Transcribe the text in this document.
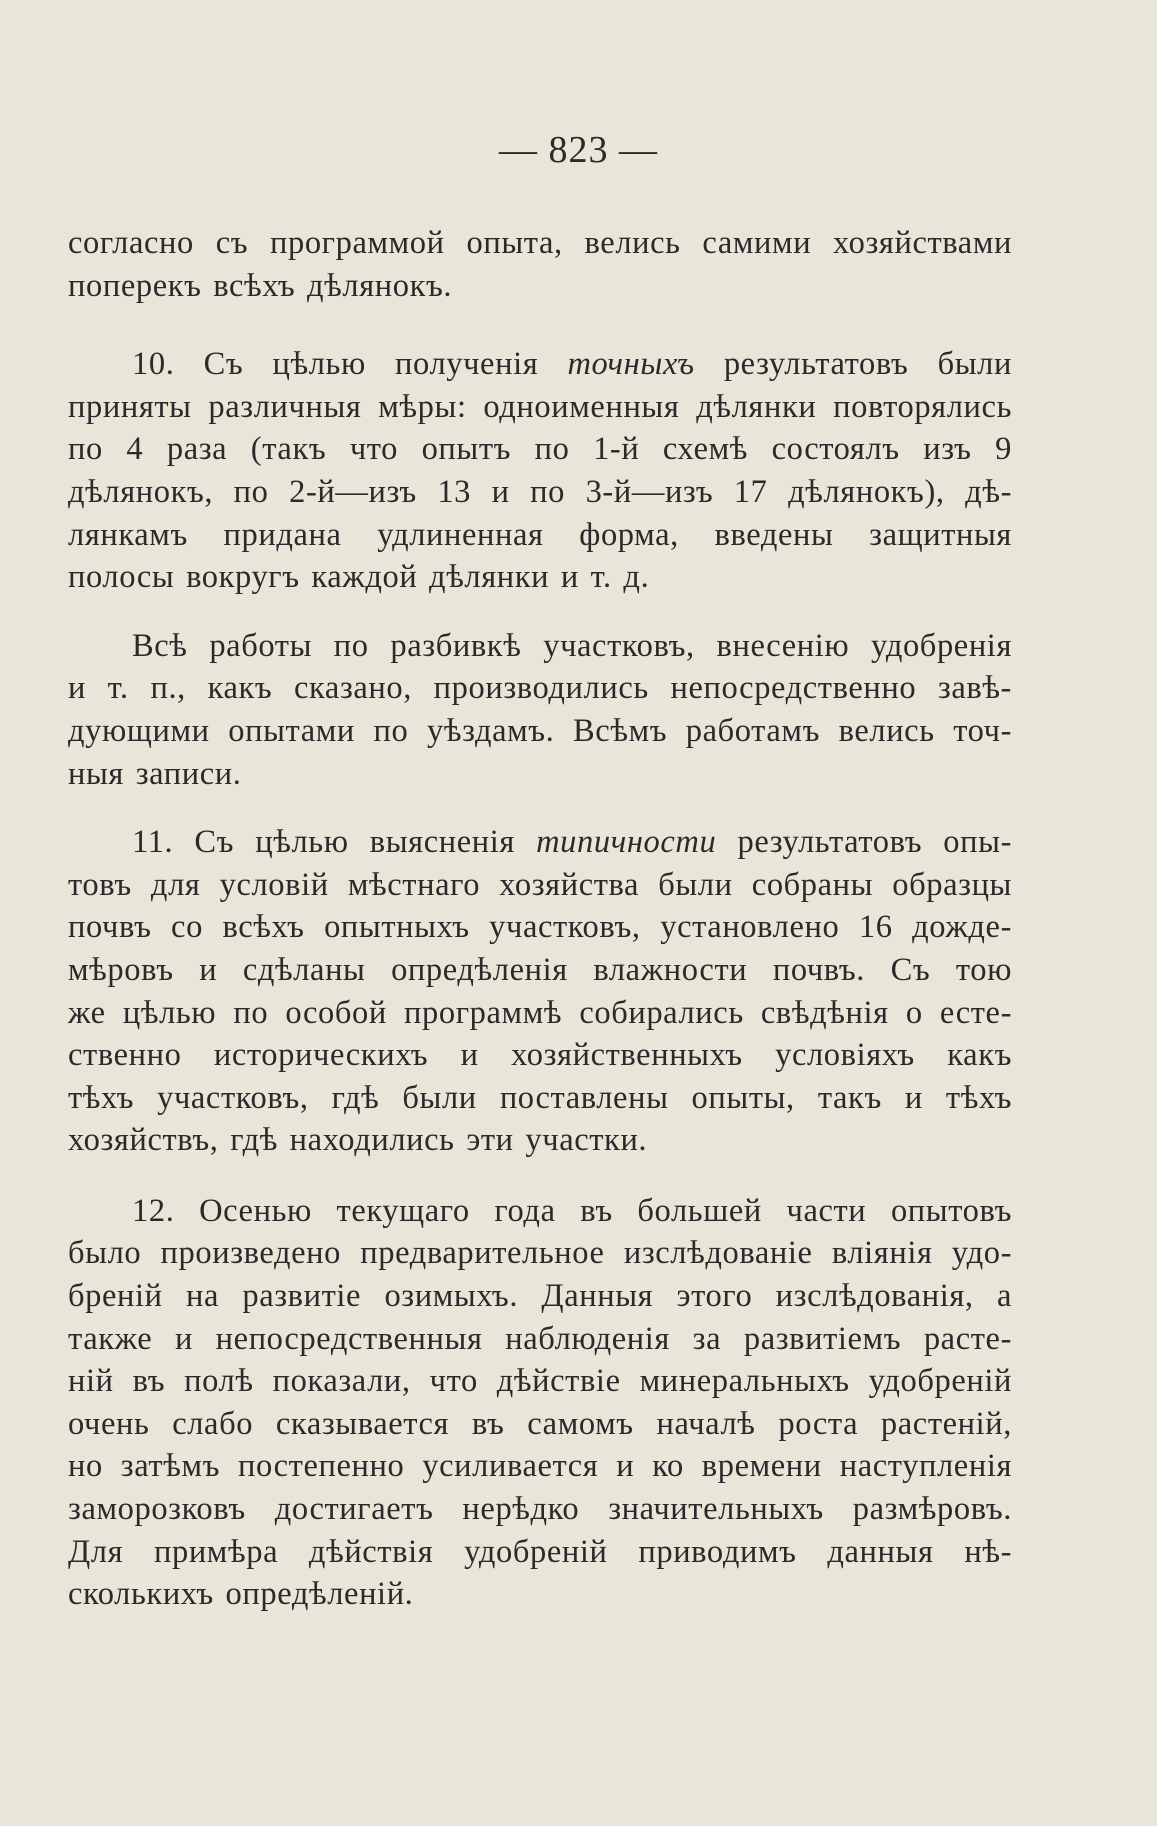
— 823 —
согласно съ программой опыта, велись самими хозяйствами
поперекъ всѣхъ дѣлянокъ.
10. Съ цѣлью полученія точныхъ результатовъ были
приняты различныя мѣры: одноименныя дѣлянки повторялись
по 4 раза (такъ что опытъ по 1-й схемѣ состоялъ изъ 9
дѣлянокъ, по 2-й—изъ 13 и по 3-й—изъ 17 дѣлянокъ), дѣ-
лянкамъ придана удлиненная форма, введены защитныя
полосы вокругъ каждой дѣлянки и т. д.
Всѣ работы по разбивкѣ участковъ, внесенію удобренія
и т. п., какъ сказано, производились непосредственно завѣ-
дующими опытами по уѣздамъ. Всѣмъ работамъ велись точ-
ныя записи.
11. Съ цѣлью выясненія типичности результатовъ опы-
товъ для условій мѣстнаго хозяйства были собраны образцы
почвъ со всѣхъ опытныхъ участковъ, установлено 16 дожде-
мѣровъ и сдѣланы опредѣленія влажности почвъ. Съ тою
же цѣлью по особой программѣ собирались свѣдѣнія о есте-
ственно историческихъ и хозяйственныхъ условіяхъ какъ
тѣхъ участковъ, гдѣ были поставлены опыты, такъ и тѣхъ
хозяйствъ, гдѣ находились эти участки.
12. Осенью текущаго года въ большей части опытовъ
было произведено предварительное изслѣдованіе вліянія удо-
бреній на развитіе озимыхъ. Данныя этого изслѣдованія, а
также и непосредственныя наблюденія за развитіемъ расте-
ній въ полѣ показали, что дѣйствіе минеральныхъ удобреній
очень слабо сказывается въ самомъ началѣ роста растеній,
но затѣмъ постепенно усиливается и ко времени наступленія
заморозковъ достигаетъ нерѣдко значительныхъ размѣровъ.
Для примѣра дѣйствія удобреній приводимъ данныя нѣ-
сколькихъ опредѣленій.
